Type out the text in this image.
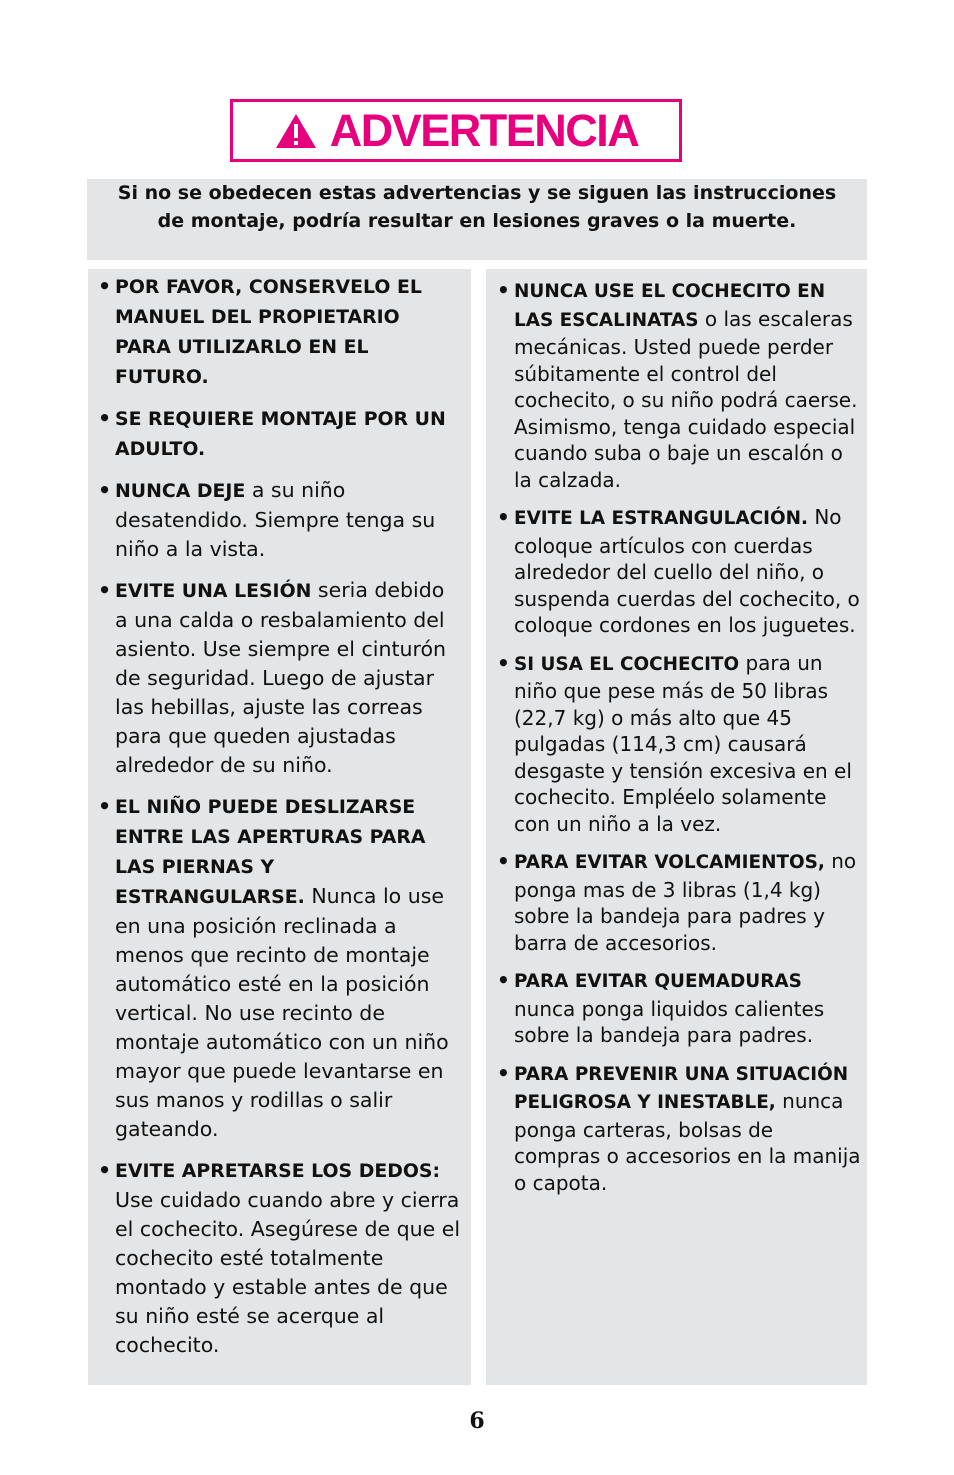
ADVERTENCIA
Si no se obedecen estas advertencias y se siguen las instrucciones de montaje, podría resultar en lesiones graves o la muerte.
• POR FAVOR, CONSERVELO EL MANUEL DEL PROPIETARIO PARA UTILIZARLO EN EL FUTURO.
• SE REQUIERE MONTAJE POR UN ADULTO.
• NUNCA DEJE a su niño desatendido. Siempre tenga su niño a la vista.
• EVITE UNA LESIÓN seria debido a una calda o resbalamiento del asiento. Use siempre el cinturón de seguridad. Luego de ajustar las hebillas, ajuste las correas para que queden ajustadas alrededor de su niño.
• EL NIÑO PUEDE DESLIZARSE ENTRE LAS APERTURAS PARA LAS PIERNAS Y ESTRANGULARSE. Nunca lo use en una posición reclinada a menos que recinto de montaje automático esté en la posición vertical. No use recinto de montaje automático con un niño mayor que puede levantarse en sus manos y rodillas o salir gateando.
• EVITE APRETARSE LOS DEDOS: Use cuidado cuando abre y cierra el cochecito. Asegúrese de que el cochecito esté totalmente montado y estable antes de que su niño esté se acerque al cochecito.
• NUNCA USE EL COCHECITO EN LAS ESCALINATAS o las escaleras mecánicas. Usted puede perder súbitamente el control del cochecito, o su niño podrá caerse. Asimismo, tenga cuidado especial cuando suba o baje un escalón o la calzada.
• EVITE LA ESTRANGULACIÓN. No coloque artículos con cuerdas alrededor del cuello del niño, o suspenda cuerdas del cochecito, o coloque cordones en los juguetes.
• SI USA EL COCHECITO para un niño que pese más de 50 libras (22,7 kg) o más alto que 45 pulgadas (114,3 cm) causará desgaste y tensión excesiva en el cochecito. Empléelo solamente con un niño a la vez.
• PARA EVITAR VOLCAMIENTOS, no ponga mas de 3 libras (1,4 kg) sobre la bandeja para padres y barra de accesorios.
• PARA EVITAR QUEMADURAS nunca ponga liquidos calientes sobre la bandeja para padres.
• PARA PREVENIR UNA SITUACIÓN PELIGROSA Y INESTABLE, nunca ponga carteras, bolsas de compras o accesorios en la manija o capota.
6
